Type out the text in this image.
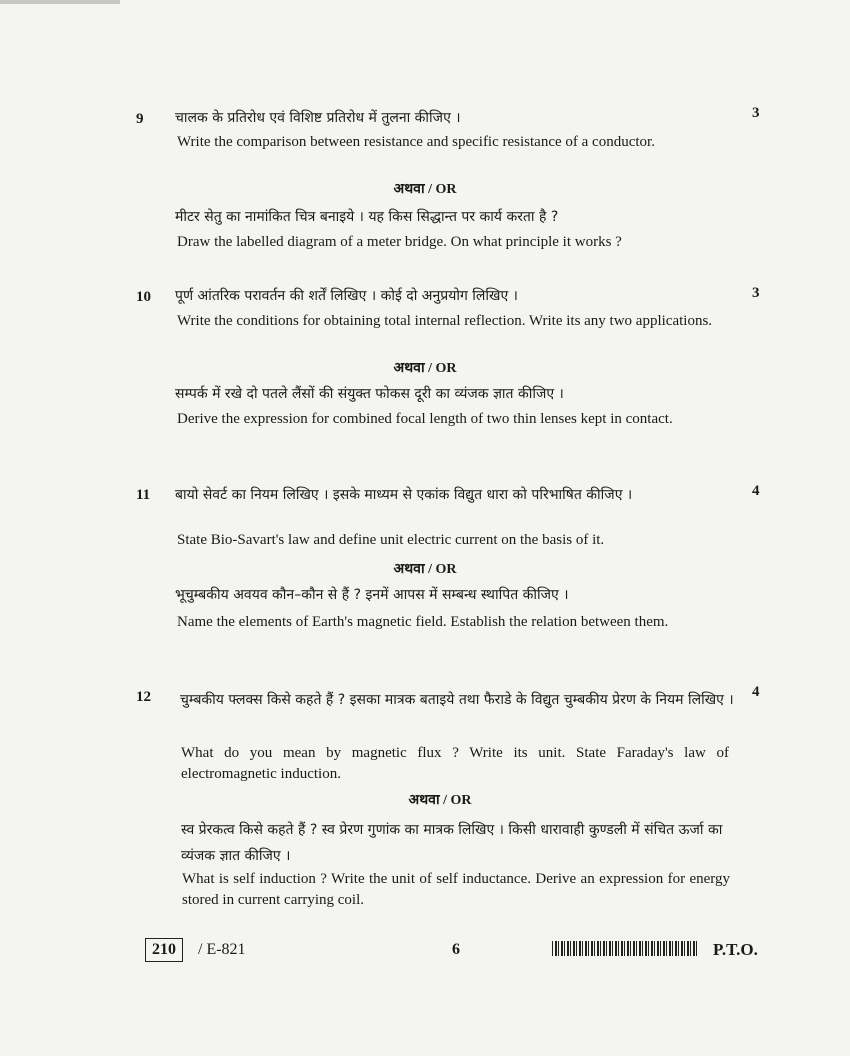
9	3
चालक के प्रतिरोध एवं विशिष्ट प्रतिरोध में तुलना कीजिए ।
Write the comparison between resistance and specific resistance of a conductor.
अथवा / OR
मीटर सेतु का नामांकित चित्र बनाइये । यह किस सिद्धान्त पर कार्य करता है ?
Draw the labelled diagram of a meter bridge. On what principle it works ?
10	3
पूर्ण आंतरिक परावर्तन की शर्तें लिखिए । कोई दो अनुप्रयोग लिखिए ।
Write the conditions for obtaining total internal reflection. Write its any two applications.
अथवा / OR
सम्पर्क में रखे दो पतले लैंसों की संयुक्त फोकस दूरी का व्यंजक ज्ञात कीजिए ।
Derive the expression for combined focal length of two thin lenses kept in contact.
11	4
बायो सेवर्ट का नियम लिखिए । इसके माध्यम से एकांक विद्युत धारा को परिभाषित कीजिए ।
State Bio-Savart's law and define unit electric current on the basis of it.
अथवा / OR
भूचुम्बकीय अवयव कौन–कौन से हैं ? इनमें आपस में सम्बन्ध स्थापित कीजिए ।
Name the elements of Earth's magnetic field. Establish the relation between them.
12	4
चुम्बकीय फ्लक्स किसे कहते हैं ? इसका मात्रक बताइये तथा फैराडे के विद्युत चुम्बकीय प्रेरण के नियम लिखिए ।
What do you mean by magnetic flux ? Write its unit. State Faraday's law of electromagnetic induction.
अथवा / OR
स्व प्रेरकत्व किसे कहते हैं ? स्व प्रेरण गुणांक का मात्रक लिखिए । किसी धारावाही कुण्डली में संचित ऊर्जा का व्यंजक ज्ञात कीजिए ।
What is self induction ? Write the unit of self inductance. Derive an expression for energy stored in current carrying coil.
210	/ E-821	6	P.T.O.
